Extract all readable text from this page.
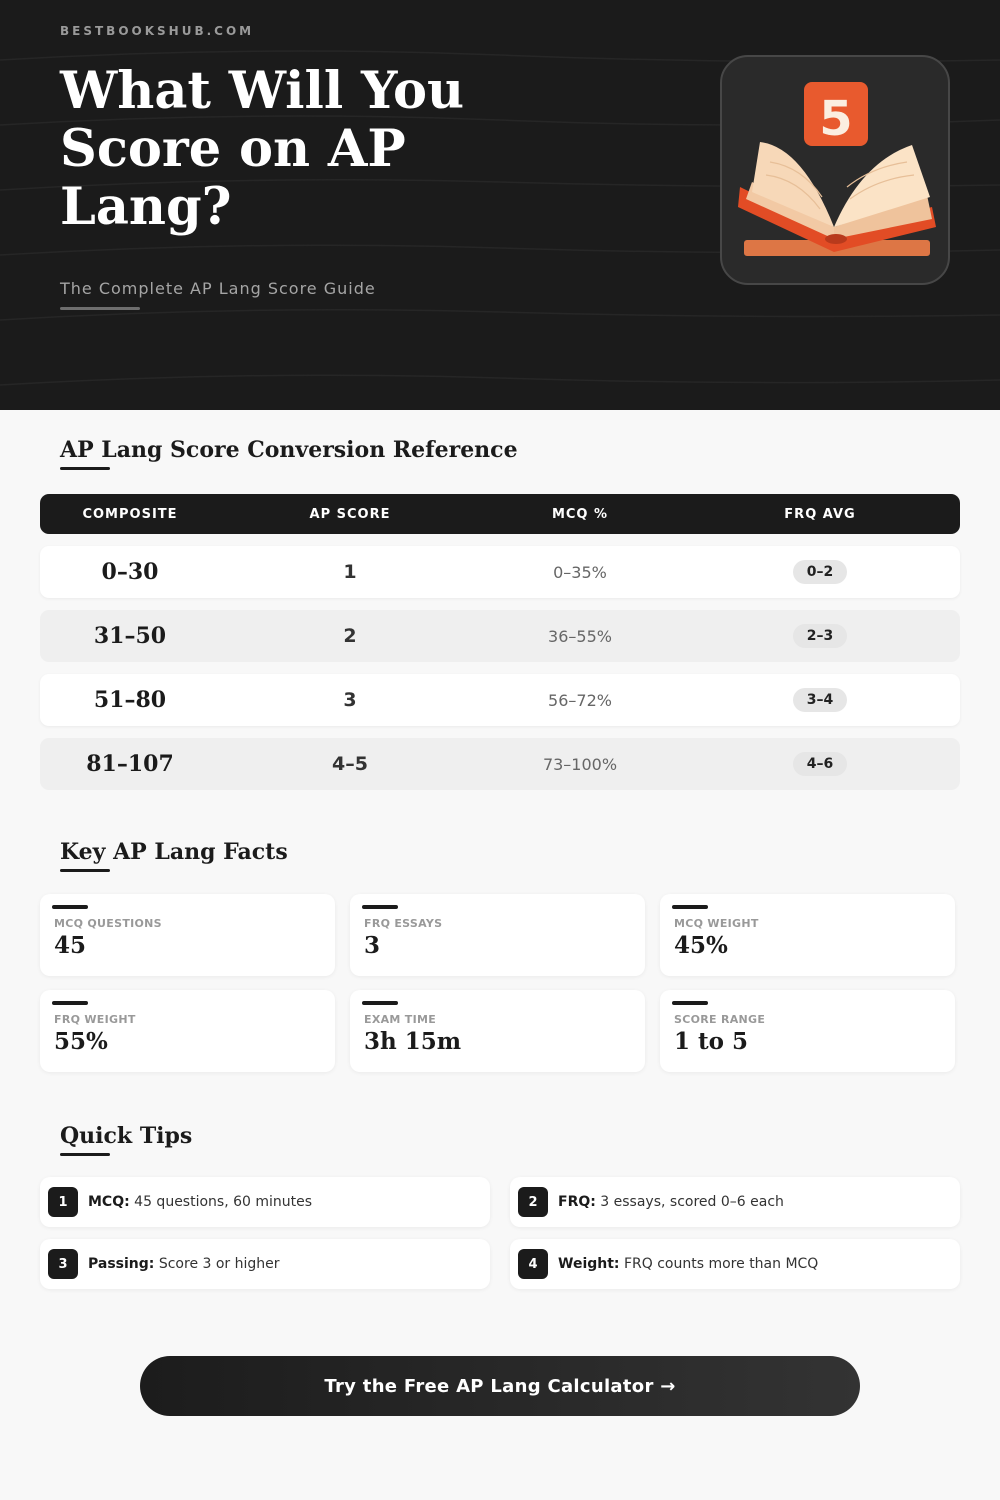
BESTBOOKSHUB.COM
What Will You Score on AP Lang?
The Complete AP Lang Score Guide
5
AP Lang Score Conversion Reference
COMPOSITE	AP SCORE	MCQ %	FRQ AVG
0–30	1	0–35%	0–2
31–50	2	36–55%	2–3
51–80	3	56–72%	3–4
81–107	4–5	73–100%	4–6
Key AP Lang Facts
MCQ QUESTIONS
45
FRQ ESSAYS
3
MCQ WEIGHT
45%
FRQ WEIGHT
55%
EXAM TIME
3h 15m
SCORE RANGE
1 to 5
Quick Tips
1	MCQ: 45 questions, 60 minutes	2	FRQ: 3 essays, scored 0–6 each
3	Passing: Score 3 or higher	4	Weight: FRQ counts more than MCQ
Try the Free AP Lang Calculator →
